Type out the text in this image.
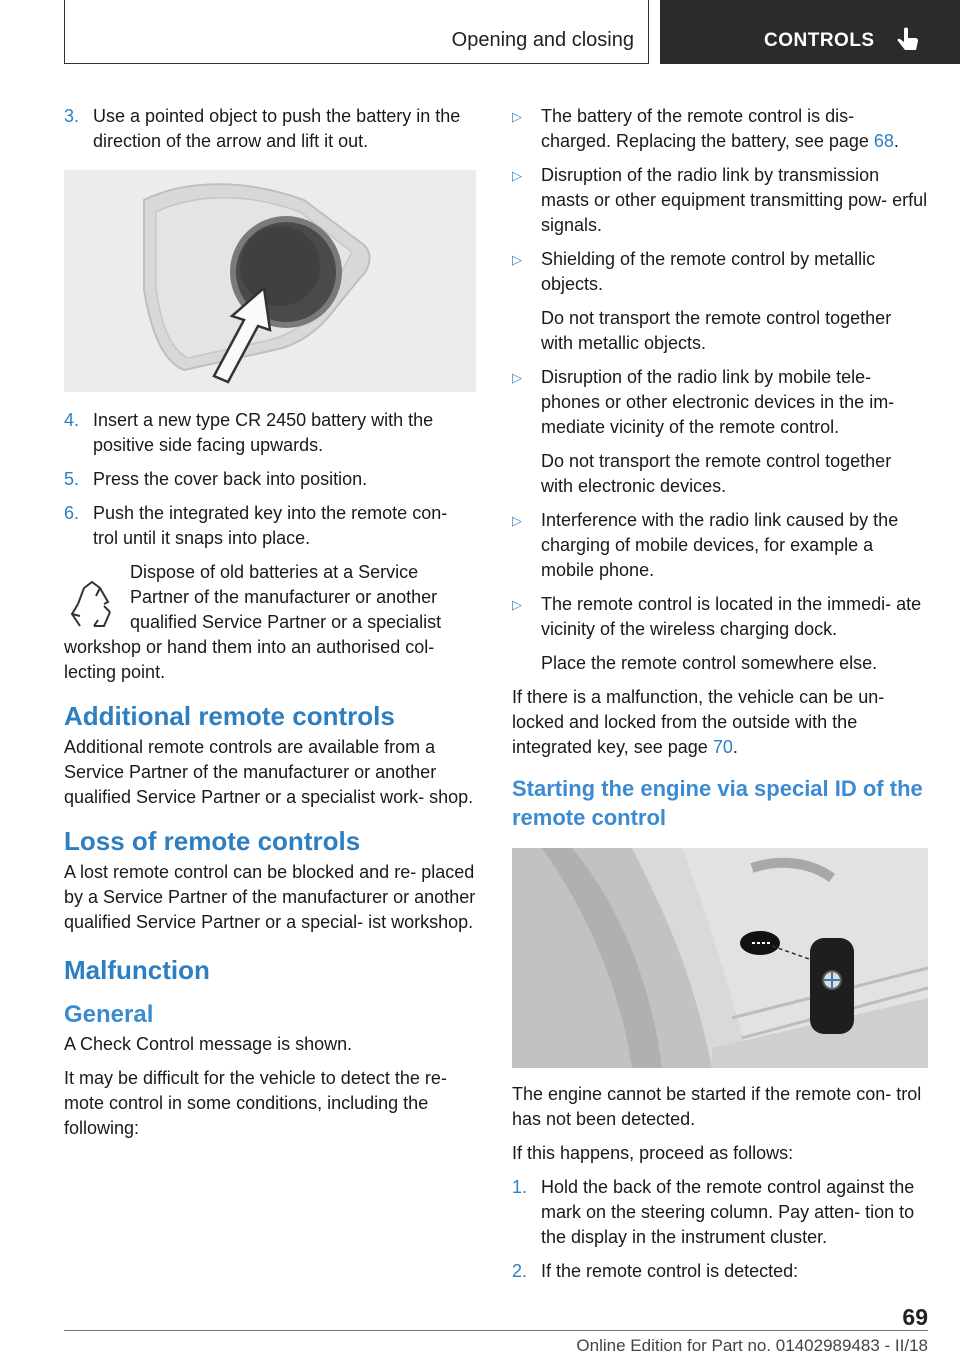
Opening and closing	CONTROLS
3. Use a pointed object to push the battery in the direction of the arrow and lift it out.
4. Insert a new type CR 2450 battery with the positive side facing upwards.
5. Press the cover back into position.
6. Push the integrated key into the remote con‐ trol until it snaps into place.
Dispose of old batteries at a Service Partner of the manufacturer or another qualified Service Partner or a specialist
workshop or hand them into an authorised col‐ lecting point.
Additional remote controls

Additional remote controls are available from a Service Partner of the manufacturer or another qualified Service Partner or a specialist work‐ shop.

Loss of remote controls

A lost remote control can be blocked and re‐ placed by a Service Partner of the manufacturer or another qualified Service Partner or a special‐ ist workshop.

Malfunction
General

A Check Control message is shown.

It may be difficult for the vehicle to detect the re‐ mote control in some conditions, including the following:

▷ The battery of the remote control is dis‐ charged. Replacing the battery, see page 68.
▷ Disruption of the radio link by transmission masts or other equipment transmitting pow‐ erful signals.
▷ Shielding of the remote control by metallic objects.
Do not transport the remote control together with metallic objects.
▷ Disruption of the radio link by mobile tele‐ phones or other electronic devices in the im‐ mediate vicinity of the remote control.
Do not transport the remote control together with electronic devices.
▷ Interference with the radio link caused by the charging of mobile devices, for example a mobile phone.
▷ The remote control is located in the immedi‐ ate vicinity of the wireless charging dock.
Place the remote control somewhere else.

If there is a malfunction, the vehicle can be un‐ locked and locked from the outside with the integrated key, see page 70.

Starting the engine via special ID of the remote control

The engine cannot be started if the remote con‐ trol has not been detected.

If this happens, proceed as follows:

1. Hold the back of the remote control against the mark on the steering column. Pay atten‐ tion to the display in the instrument cluster.
2. If the remote control is detected:
69
Online Edition for Part no. 01402989483 - II/18
